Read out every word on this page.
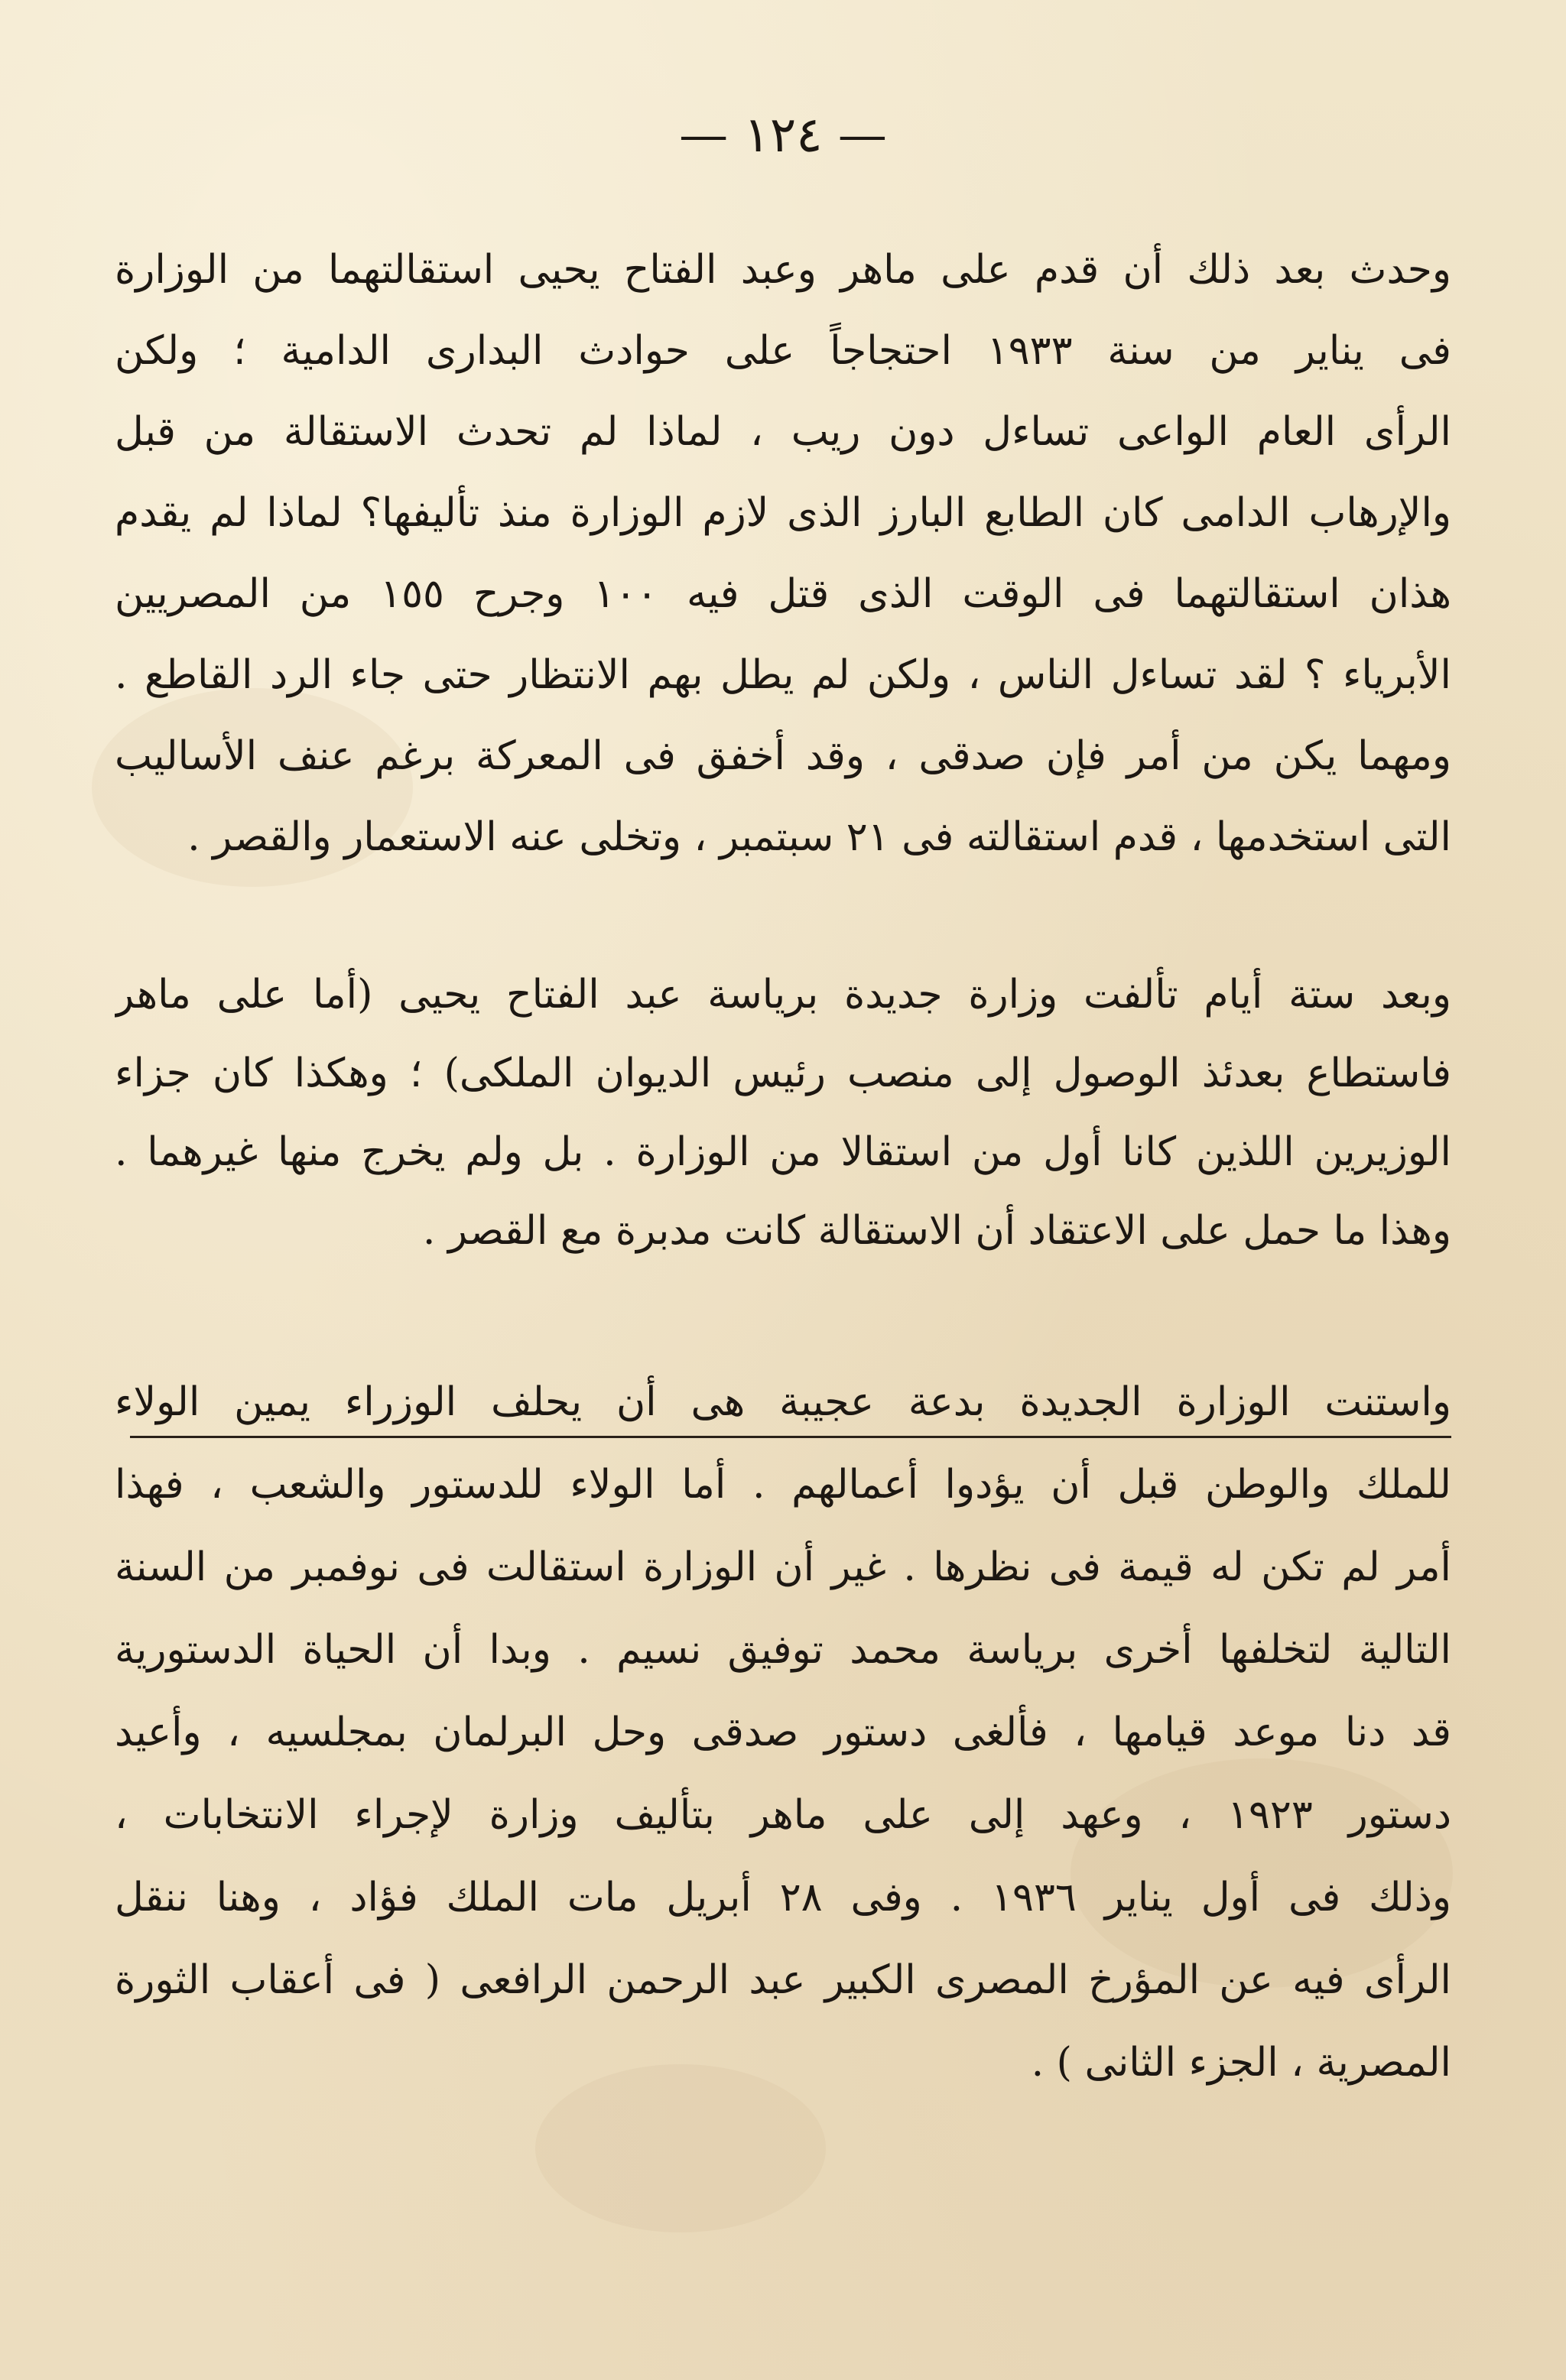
— ١٢٤ —
وحدث بعد ذلك أن قدم على ماهر وعبد الفتاح يحيى استقالتهما من الوزارة
فى يناير من سنة ١٩٣٣ احتجاجاً على حوادث البدارى الدامية ؛ ولكن
الرأى العام الواعى تساءل دون ريب ، لماذا لم تحدث الاستقالة من قبل
والإرهاب الدامى كان الطابع البارز الذى لازم الوزارة منذ تأليفها؟ لماذا لم يقدم
هذان استقالتهما فى الوقت الذى قتل فيه ١٠٠ وجرح ١٥٥ من المصريين
الأبرياء ؟ لقد تساءل الناس ، ولكن لم يطل بهم الانتظار حتى جاء الرد القاطع .
ومهما يكن من أمر فإن صدقى ، وقد أخفق فى المعركة برغم عنف الأساليب
التى استخدمها ، قدم استقالته فى ٢١ سبتمبر ، وتخلى عنه الاستعمار والقصر .
وبعد ستة أيام تألفت وزارة جديدة برياسة عبد الفتاح يحيى (أما على ماهر
فاستطاع بعدئذ الوصول إلى منصب رئيس الديوان الملكى) ؛ وهكذا كان جزاء
الوزيرين اللذين كانا أول من استقالا من الوزارة . بل ولم يخرج منها غيرهما .
وهذا ما حمل على الاعتقاد أن الاستقالة كانت مدبرة مع القصر .
واستنت الوزارة الجديدة بدعة عجيبة هى أن يحلف الوزراء يمين الولاء
للملك والوطن قبل أن يؤدوا أعمالهم . أما الولاء للدستور والشعب ، فهذا
أمر لم تكن له قيمة فى نظرها . غير أن الوزارة استقالت فى نوفمبر من السنة
التالية لتخلفها أخرى برياسة محمد توفيق نسيم . وبدا أن الحياة الدستورية
قد دنا موعد قيامها ، فألغى دستور صدقى وحل البرلمان بمجلسيه ، وأعيد
دستور ١٩٢٣ ، وعهد إلى على ماهر بتأليف وزارة لإجراء الانتخابات ،
وذلك فى أول يناير ١٩٣٦ . وفى ٢٨ أبريل مات الملك فؤاد ، وهنا ننقل
الرأى فيه عن المؤرخ المصرى الكبير عبد الرحمن الرافعى ( فى أعقاب الثورة
المصرية ، الجزء الثانى ) .
